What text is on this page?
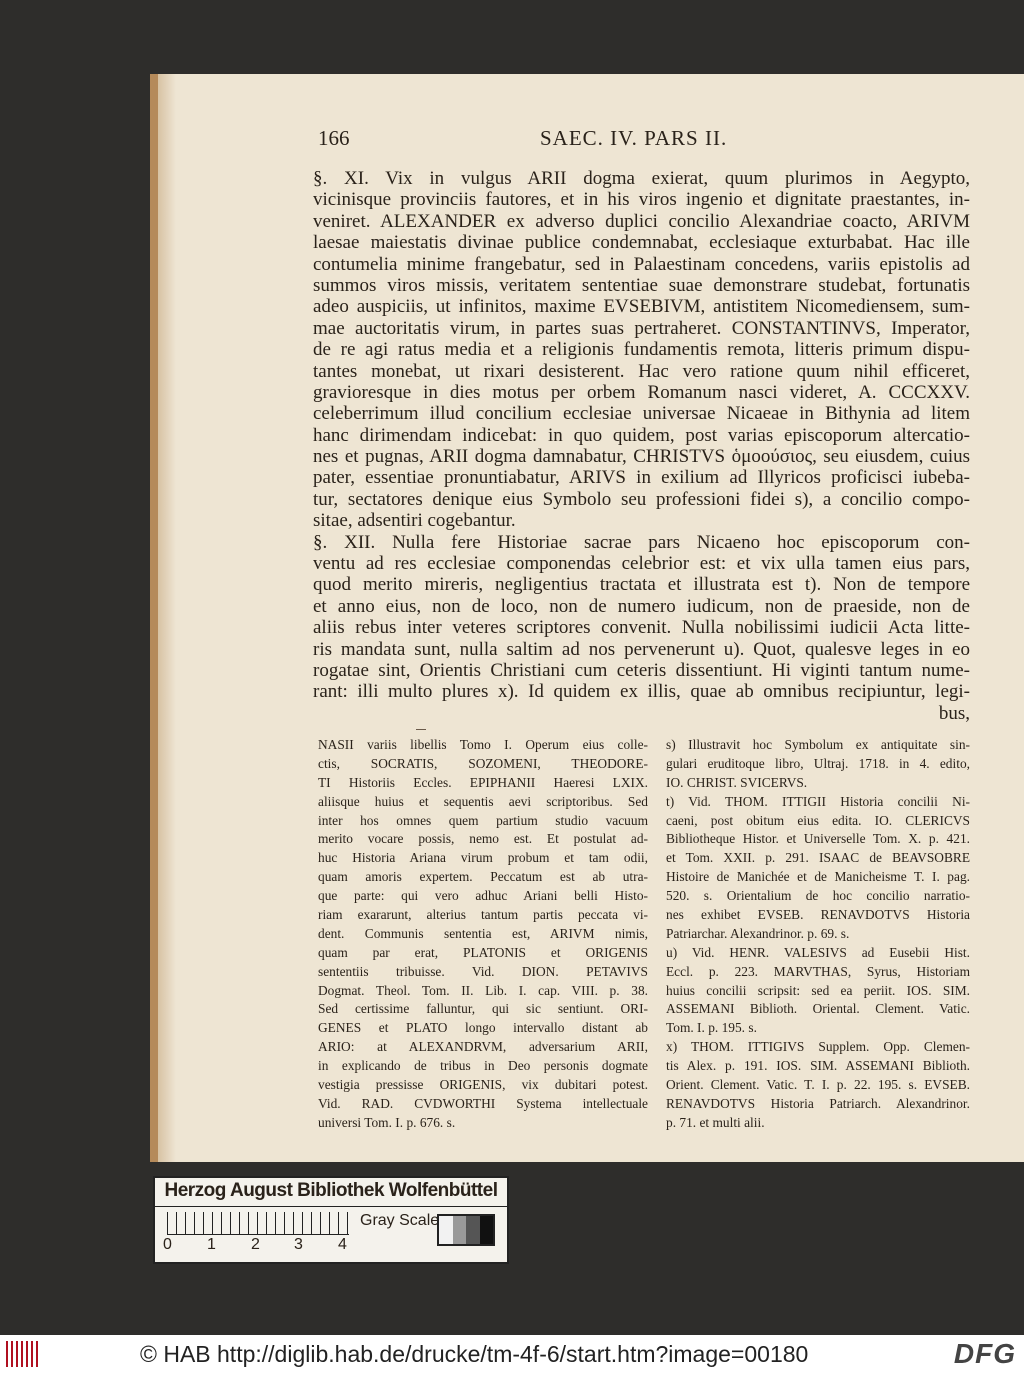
166	SAEC. IV. PARS II.
§. XI. Vix in vulgus ARII dogma exierat, quum plurimos in Aegypto,
vicinisque provinciis fautores, et in his viros ingenio et dignitate praestantes, in-
veniret. ALEXANDER ex adverso duplici concilio Alexandriae coacto, ARIVM
laesae maiestatis divinae publice condemnabat, ecclesiaque exturbabat. Hac ille
contumelia minime frangebatur, sed in Palaestinam concedens, variis epistolis ad
summos viros missis, veritatem sententiae suae demonstrare studebat, fortunatis
adeo auspiciis, ut infinitos, maxime EVSEBIVM, antistitem Nicomediensem, sum-
mae auctoritatis virum, in partes suas pertraheret. CONSTANTINVS, Imperator,
de re agi ratus media et a religionis fundamentis remota, litteris primum dispu-
tantes monebat, ut rixari desisterent. Hac vero ratione quum nihil efficeret,
gravioresque in dies motus per orbem Romanum nasci videret, A. CCCXXV.
celeberrimum illud concilium ecclesiae universae Nicaeae in Bithynia ad litem
hanc dirimendam indicebat: in quo quidem, post varias episcoporum altercatio-
nes et pugnas, ARII dogma damnabatur, CHRISTVS ὁμοούσιος, seu eiusdem, cuius
pater, essentiae pronuntiabatur, ARIVS in exilium ad Illyricos proficisci iubeba-
tur, sectatores denique eius Symbolo seu professioni fidei s), a concilio compo-
sitae, adsentiri cogebantur.
§. XII. Nulla fere Historiae sacrae pars Nicaeno hoc episcoporum con-
ventu ad res ecclesiae componendas celebrior est: et vix ulla tamen eius pars,
quod merito mireris, negligentius tractata et illustrata est t). Non de tempore
et anno eius, non de loco, non de numero iudicum, non de praeside, non de
aliis rebus inter veteres scriptores convenit. Nulla nobilissimi iudicii Acta litte-
ris mandata sunt, nulla saltim ad nos pervenerunt u). Quot, qualesve leges in eo
rogatae sint, Orientis Christiani cum ceteris dissentiunt. Hi viginti tantum nume-
rant: illi multo plures x). Id quidem ex illis, quae ab omnibus recipiuntur, legi-
bus,
NASII variis libellis Tomo I. Operum eius colle-
ctis, SOCRATIS, SOZOMENI, THEODORE-
TI Historiis Eccles. EPIPHANII Haeresi LXIX.
aliisque huius et sequentis aevi scriptoribus. Sed
inter hos omnes quem partium studio vacuum
merito vocare possis, nemo est. Et postulat ad-
huc Historia Ariana virum probum et tam odii,
quam amoris expertem. Peccatum est ab utra-
que parte: qui vero adhuc Ariani belli Histo-
riam exararunt, alterius tantum partis peccata vi-
dent. Communis sententia est, ARIVM nimis,
quam par erat, PLATONIS et ORIGENIS
sententiis tribuisse. Vid. DION. PETAVIVS
Dogmat. Theol. Tom. II. Lib. I. cap. VIII. p. 38.
Sed certissime falluntur, qui sic sentiunt. ORI-
GENES et PLATO longo intervallo distant ab
ARIO: at ALEXANDRVM, adversarium ARII,
in explicando de tribus in Deo personis dogmate
vestigia pressisse ORIGENIS, vix dubitari potest.
Vid. RAD. CVDWORTHI Systema intellectuale
universi Tom. I. p. 676. s.
s) Illustravit hoc Symbolum ex antiquitate sin-
gulari eruditoque libro, Ultraj. 1718. in 4. edito,
IO. CHRIST. SVICERVS.
t) Vid. THOM. ITTIGII Historia concilii Ni-
caeni, post obitum eius edita. IO. CLERICVS
Bibliotheque Histor. et Universelle Tom. X. p. 421.
et Tom. XXII. p. 291. ISAAC de BEAVSOBRE
Histoire de Manichée et de Manicheisme T. I. pag.
520. s. Orientalium de hoc concilio narratio-
nes exhibet EVSEB. RENAVDOTVS Historia
Patriarchar. Alexandrinor. p. 69. s.
u) Vid. HENR. VALESIVS ad Eusebii Hist.
Eccl. p. 223. MARVTHAS, Syrus, Historiam
huius concilii scripsit: sed ea periit. IOS. SIM.
ASSEMANI Biblioth. Oriental. Clement. Vatic.
Tom. I. p. 195. s.
x) THOM. ITTIGIVS Supplem. Opp. Clemen-
tis Alex. p. 191. IOS. SIM. ASSEMANI Biblioth.
Orient. Clement. Vatic. T. I. p. 22. 195. s. EVSEB.
RENAVDOTVS Historia Patriarch. Alexandrinor.
p. 71. et multi alii.
Herzog August Bibliothek Wolfenbüttel
0 1 2 3 4
Gray Scale
© HAB http://diglib.hab.de/drucke/tm-4f-6/start.htm?image=00180	DFG
